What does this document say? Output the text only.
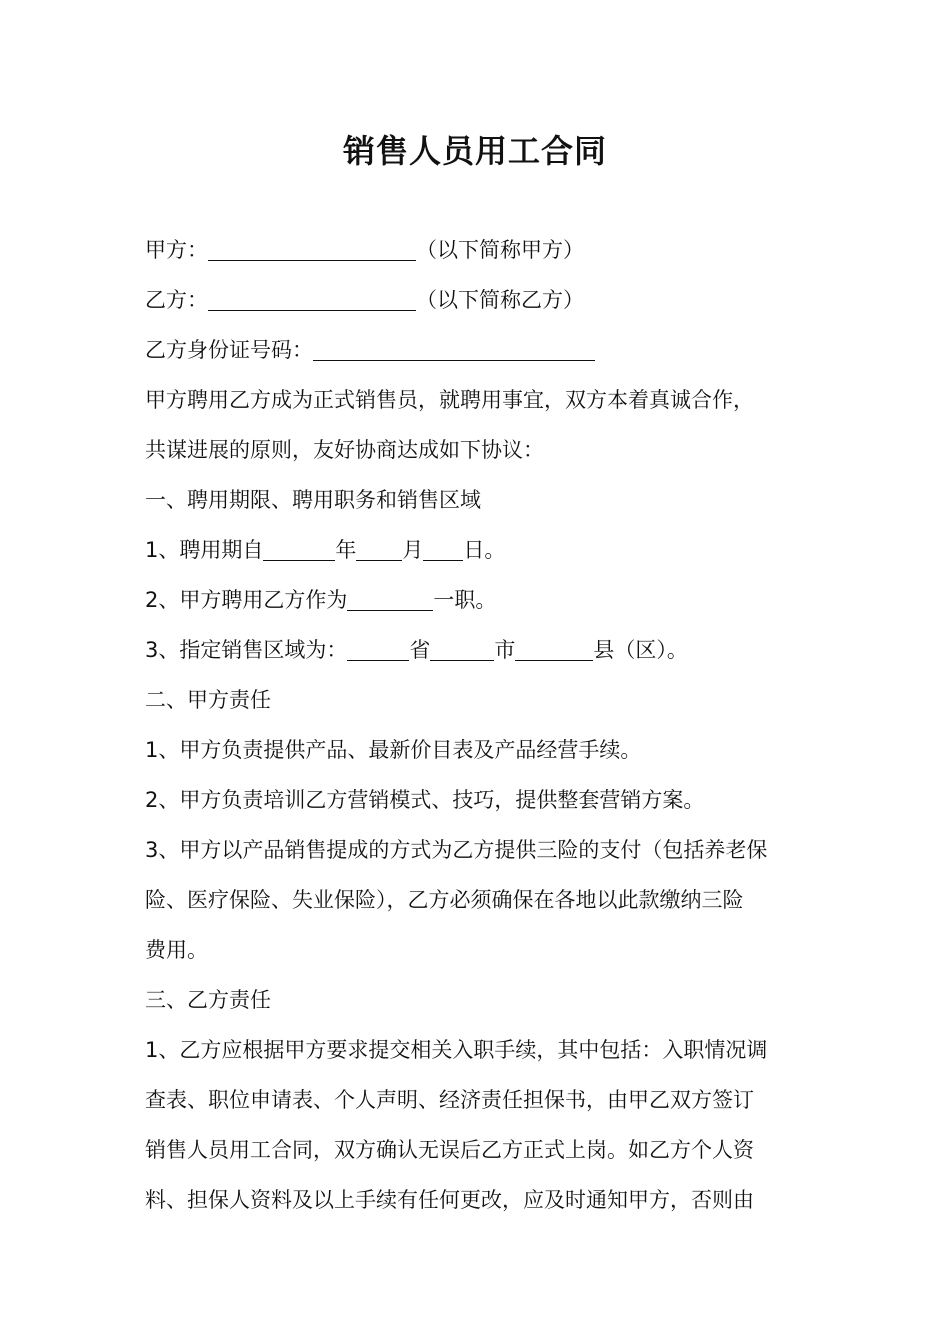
销售人员用工合同
甲方：	（以下简称甲方）
乙方：	（以下简称乙方）
乙方身份证号码：
甲方聘用乙方成为正式销售员，就聘用事宜，双方本着真诚合作，
共谋进展的原则，友好协商达成如下协议：
一、聘用期限、聘用职务和销售区域
1、聘用期自	年 月 日。
2、甲方聘用乙方作为	一职。
3、指定销售区域为：	省	市	县（区）。
二、甲方责任
1、甲方负责提供产品、最新价目表及产品经营手续。
2、甲方负责培训乙方营销模式、技巧，提供整套营销方案。
3、甲方以产品销售提成的方式为乙方提供三险的支付（包括养老保
险、医疗保险、失业保险），乙方必须确保在各地以此款缴纳三险
费用。
三、乙方责任
1、乙方应根据甲方要求提交相关入职手续，其中包括：入职情况调
查表、职位申请表、个人声明、经济责任担保书，由甲乙双方签订
销售人员用工合同，双方确认无误后乙方正式上岗。如乙方个人资
料、担保人资料及以上手续有任何更改，应及时通知甲方，否则由
